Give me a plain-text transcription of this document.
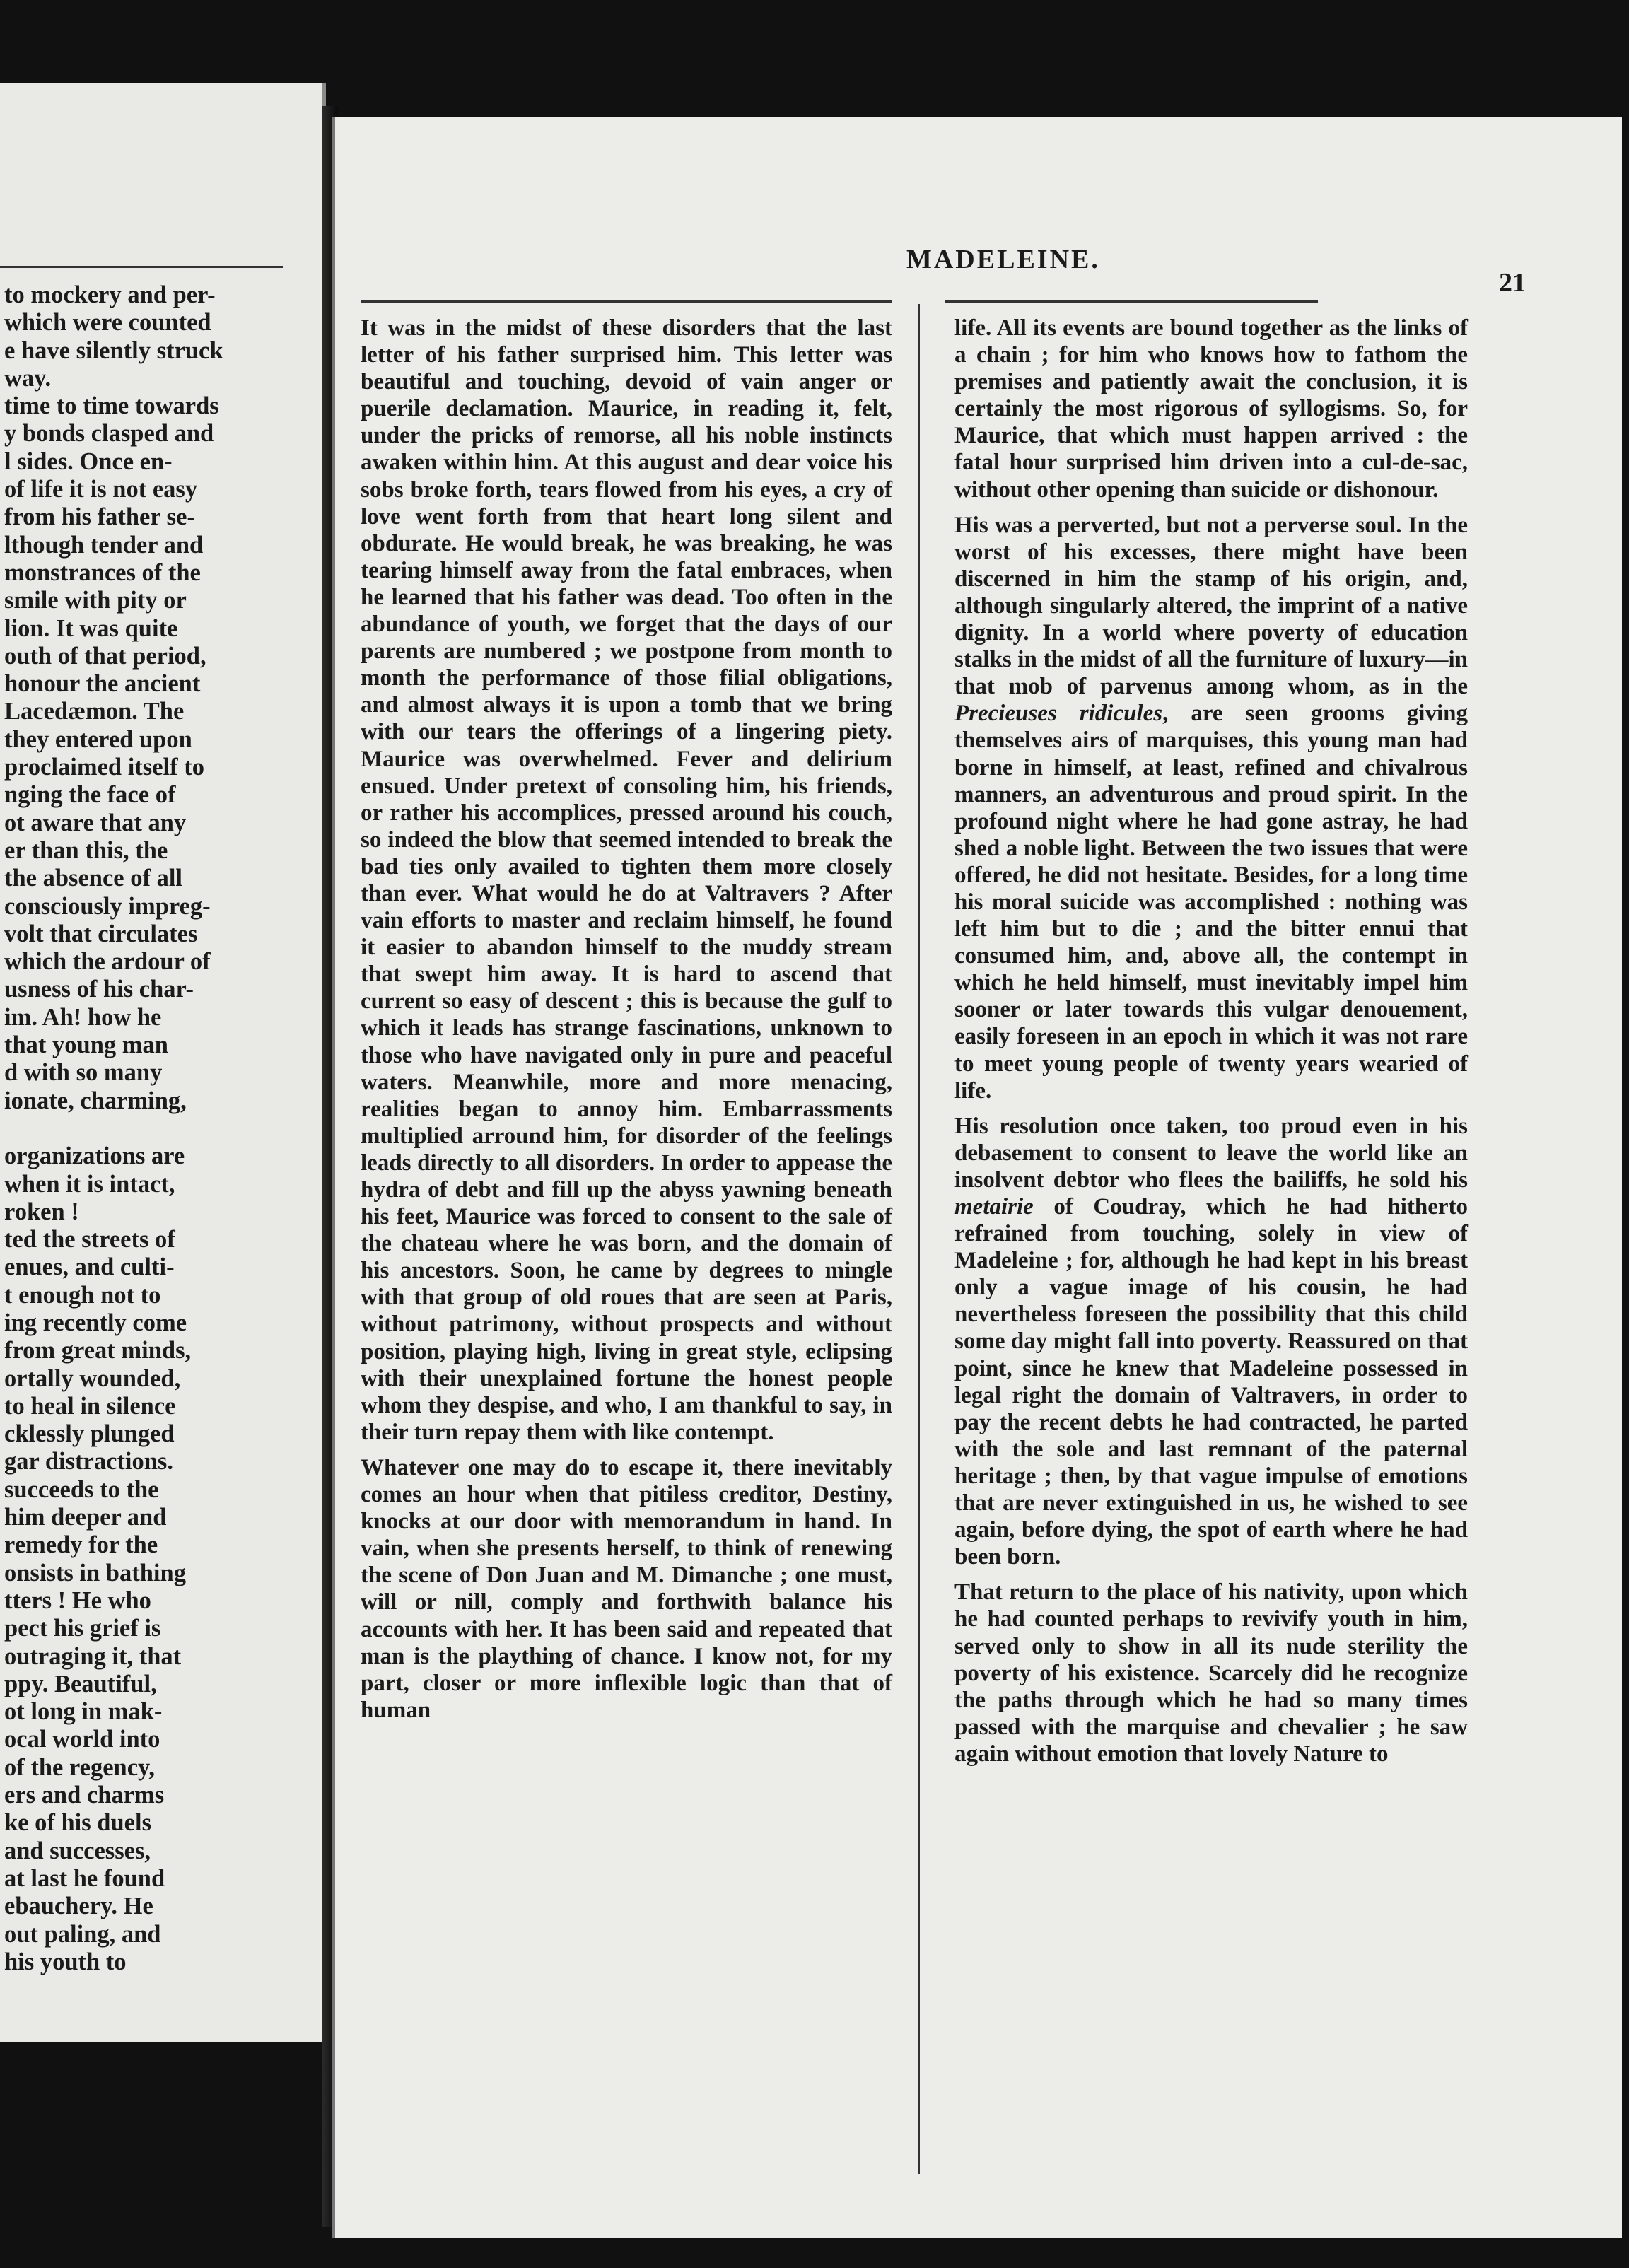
to mockery and per-
which were counted
e have silently struck
way.
time to time towards
y bonds clasped and
l sides. Once en-
of life it is not easy
from his father se-
lthough tender and
monstrances of the
smile with pity or
lion. It was quite
outh of that period,
honour the ancient
Lacedæmon. The
they entered upon
proclaimed itself to
nging the face of
ot aware that any
er than this, the
the absence of all
consciously impreg-
volt that circulates
which the ardour of
usness of his char-
im. Ah! how he
that young man
d with so many
ionate, charming,
organizations are
when it is intact,
roken !
ted the streets of
enues, and culti-
t enough not to
ing recently come
from great minds,
ortally wounded,
to heal in silence
cklessly plunged
gar distractions.
succeeds to the
him deeper and
remedy for the
onsists in bathing
tters ! He who
pect his grief is
outraging it, that
ppy. Beautiful,
ot long in mak-
ocal world into
of the regency,
ers and charms
ke of his duels
and successes,
at last he found
ebauchery. He
out paling, and
his youth to
MADELEINE.
21

It was in the midst of these disorders that the last letter of his father surprised him. This letter was beautiful and touching, devoid of vain anger or puerile declamation. Maurice, in reading it, felt, under the pricks of remorse, all his noble instincts awaken within him. At this august and dear voice his sobs broke forth, tears flowed from his eyes, a cry of love went forth from that heart long silent and obdurate. He would break, he was breaking, he was tearing himself away from the fatal embraces, when he learned that his father was dead. Too often in the abundance of youth, we forget that the days of our parents are numbered ; we postpone from month to month the performance of those filial obligations, and almost always it is upon a tomb that we bring with our tears the offerings of a lingering piety. Maurice was overwhelmed. Fever and delirium ensued. Under pretext of consoling him, his friends, or rather his accomplices, pressed around his couch, so indeed the blow that seemed intended to break the bad ties only availed to tighten them more closely than ever. What would he do at Valtravers ? After vain efforts to master and reclaim himself, he found it easier to abandon himself to the muddy stream that swept him away. It is hard to ascend that current so easy of descent ; this is because the gulf to which it leads has strange fascinations, unknown to those who have navigated only in pure and peaceful waters. Meanwhile, more and more menacing, realities began to annoy him. Embarrassments multiplied arround him, for disorder of the feelings leads directly to all disorders. In order to appease the hydra of debt and fill up the abyss yawning beneath his feet, Maurice was forced to consent to the sale of the chateau where he was born, and the domain of his ancestors. Soon, he came by degrees to mingle with that group of old roues that are seen at Paris, without patrimony, without prospects and without position, playing high, living in great style, eclipsing with their unexplained fortune the honest people whom they despise, and who, I am thankful to say, in their turn repay them with like contempt.

Whatever one may do to escape it, there inevitably comes an hour when that pitiless creditor, Destiny, knocks at our door with memorandum in hand. In vain, when she presents herself, to think of renewing the scene of Don Juan and M. Dimanche ; one must, will or nill, comply and forthwith balance his accounts with her. It has been said and repeated that man is the plaything of chance. I know not, for my part, closer or more inflexible logic than that of human

life. All its events are bound together as the links of a chain ; for him who knows how to fathom the premises and patiently await the conclusion, it is certainly the most rigorous of syllogisms. So, for Maurice, that which must happen arrived : the fatal hour surprised him driven into a cul-de-sac, without other opening than suicide or dishonour.

His was a perverted, but not a perverse soul. In the worst of his excesses, there might have been discerned in him the stamp of his origin, and, although singularly altered, the imprint of a native dignity. In a world where poverty of education stalks in the midst of all the furniture of luxury—in that mob of parvenus among whom, as in the Precieuses ridicules, are seen grooms giving themselves airs of marquises, this young man had borne in himself, at least, refined and chivalrous manners, an adventurous and proud spirit. In the profound night where he had gone astray, he had shed a noble light. Between the two issues that were offered, he did not hesitate. Besides, for a long time his moral suicide was accomplished : nothing was left him but to die ; and the bitter ennui that consumed him, and, above all, the contempt in which he held himself, must inevitably impel him sooner or later towards this vulgar denouement, easily foreseen in an epoch in which it was not rare to meet young people of twenty years wearied of life.

His resolution once taken, too proud even in his debasement to consent to leave the world like an insolvent debtor who flees the bailiffs, he sold his metairie of Coudray, which he had hitherto refrained from touching, solely in view of Madeleine ; for, although he had kept in his breast only a vague image of his cousin, he had nevertheless foreseen the possibility that this child some day might fall into poverty. Reassured on that point, since he knew that Madeleine possessed in legal right the domain of Valtravers, in order to pay the recent debts he had contracted, he parted with the sole and last remnant of the paternal heritage ; then, by that vague impulse of emotions that are never extinguished in us, he wished to see again, before dying, the spot of earth where he had been born.

That return to the place of his nativity, upon which he had counted perhaps to revivify youth in him, served only to show in all its nude sterility the poverty of his existence. Scarcely did he recognize the paths through which he had so many times passed with the marquise and chevalier ; he saw again without emotion that lovely Nature to
